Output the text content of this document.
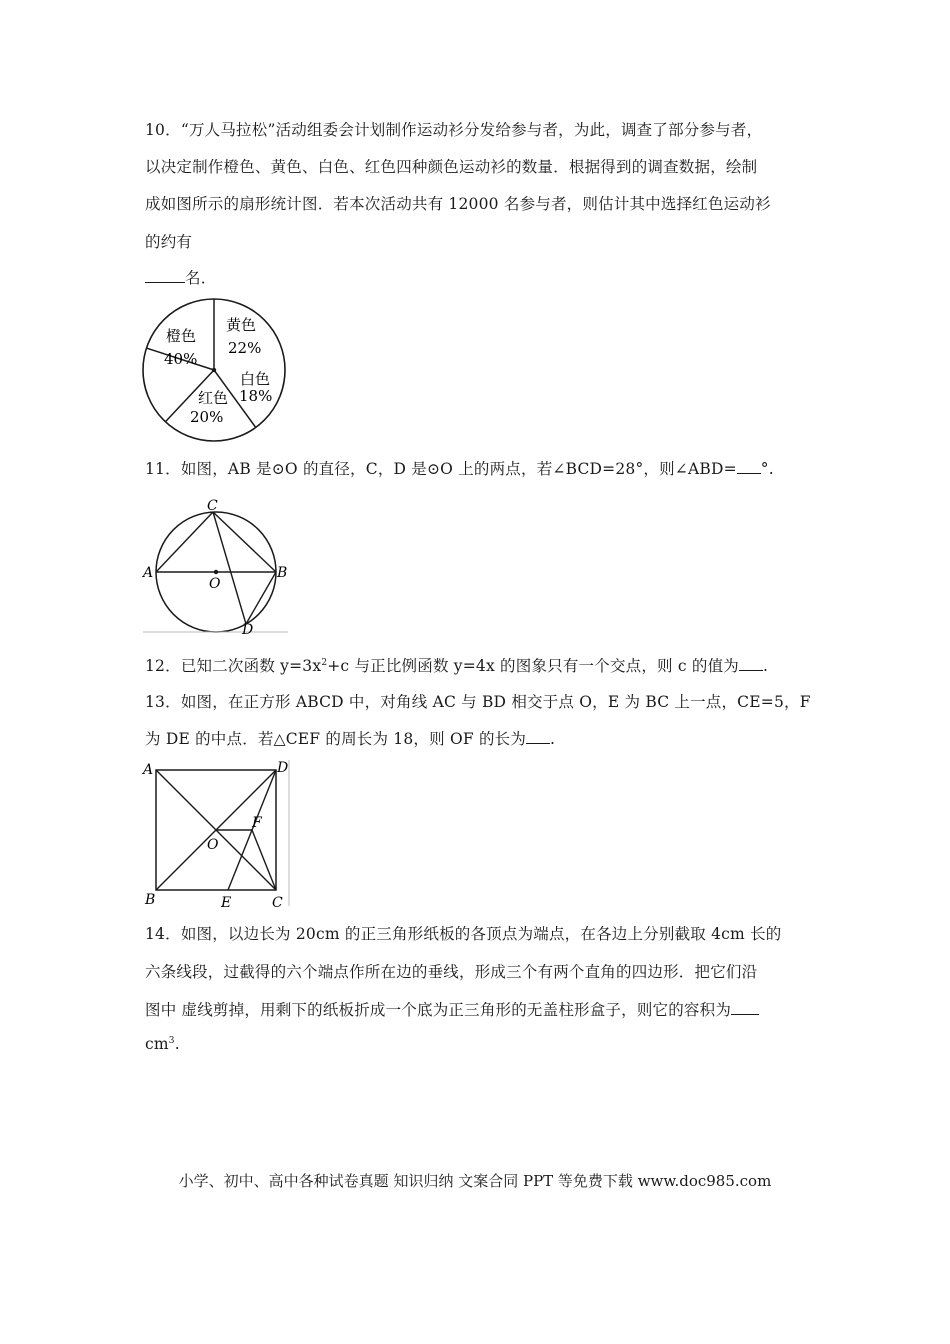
10．“万人马拉松”活动组委会计划制作运动衫分发给参与者，为此，调查了部分参与者，
以决定制作橙色、黄色、白色、红色四种颜色运动衫的数量．根据得到的调查数据，绘制
成如图所示的扇形统计图．若本次活动共有 12000 名参与者，则估计其中选择红色运动衫
的约有
名．
橙色
40%
黄色
22%
白色
18%
红色
20%
11．如图，AB 是⊙O 的直径，C，D 是⊙O 上的两点，若∠BCD=28°，则∠ABD= °.
A	B
C
D
O
12．已知二次函数 $y=3x^2+c$ 与正比例函数 y=4x 的图象只有一个交点，则 c 的值为 .
13．如图，在正方形 ABCD 中，对角线 AC 与 BD 相交于点 O，E 为 BC 上一点，CE=5，F
为 DE 的中点．若△CEF 的周长为 18，则 OF 的长为 .
A	D
B	C
E
F
O
14．如图，以边长为 20cm 的正三角形纸板的各顶点为端点，在各边上分别截取 4cm 长的
六条线段，过截得的六个端点作所在边的垂线，形成三个有两个直角的四边形．把它们沿
图中 虚线剪掉，用剩下的纸板折成一个底为正三角形的无盖柱形盒子，则它的容积为
$cm^3$.
小学、初中、高中各种试卷真题 知识归纳 文案合同 PPT 等免费下载 www.doc985.com
